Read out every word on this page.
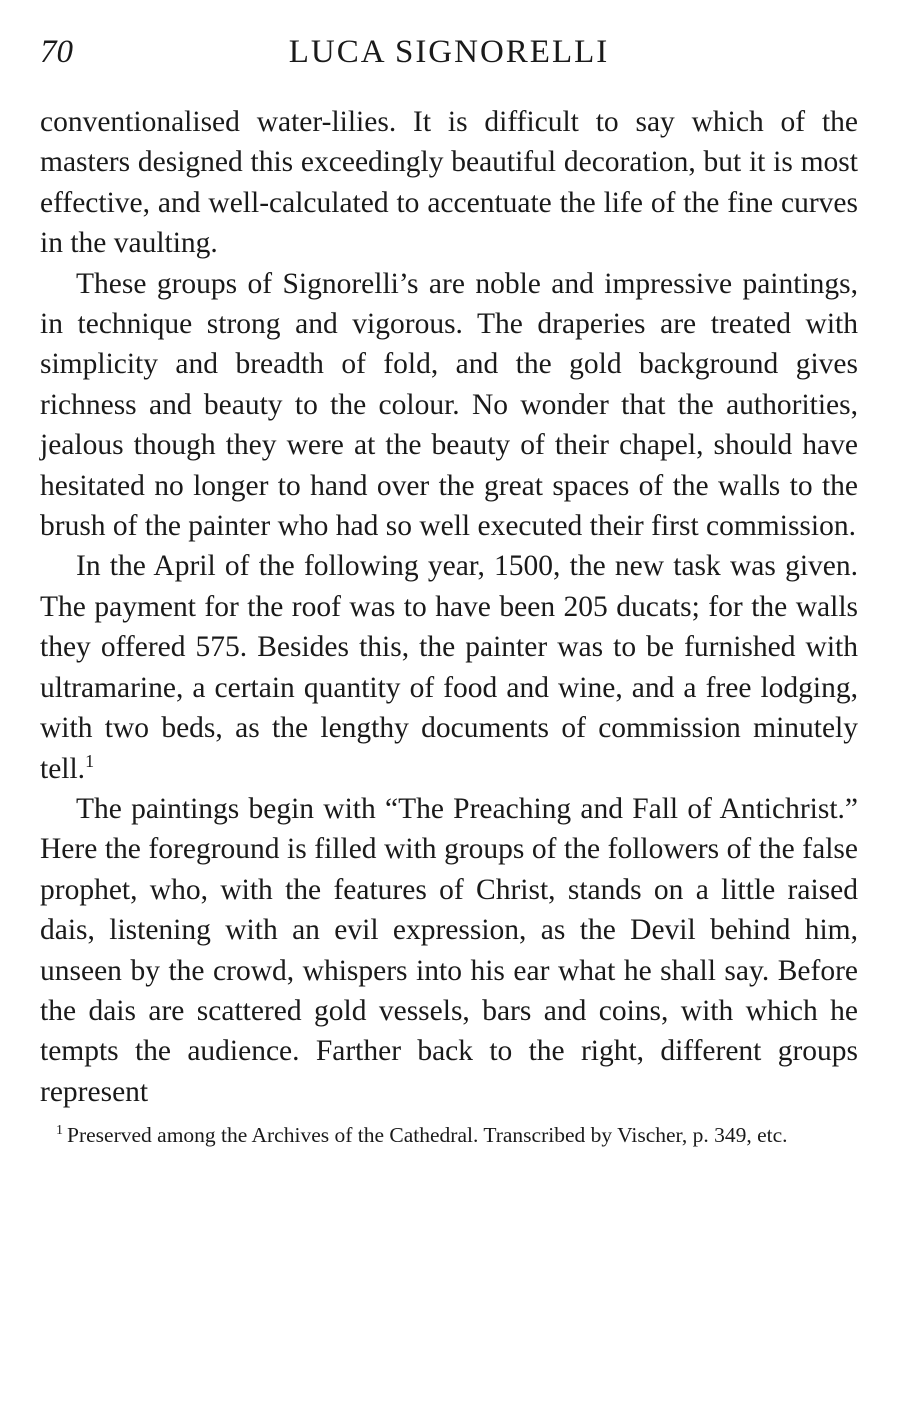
70	LUCA SIGNORELLI

conventionalised water-lilies. It is difficult to say which of the masters designed this exceedingly beautiful decoration, but it is most effective, and well-calculated to accentuate the life of the fine curves in the vaulting.

These groups of Signorelli’s are noble and impressive paintings, in technique strong and vigorous. The draperies are treated with simplicity and breadth of fold, and the gold background gives richness and beauty to the colour. No wonder that the authorities, jealous though they were at the beauty of their chapel, should have hesitated no longer to hand over the great spaces of the walls to the brush of the painter who had so well executed their first commission.

In the April of the following year, 1500, the new task was given. The payment for the roof was to have been 205 ducats; for the walls they offered 575. Besides this, the painter was to be furnished with ultramarine, a certain quantity of food and wine, and a free lodging, with two beds, as the lengthy documents of commission minutely tell.$^1$

The paintings begin with “The Preaching and Fall of Antichrist.” Here the foreground is filled with groups of the followers of the false prophet, who, with the features of Christ, stands on a little raised dais, listening with an evil expression, as the Devil behind him, unseen by the crowd, whispers into his ear what he shall say. Before the dais are scattered gold vessels, bars and coins, with which he tempts the audience. Farther back to the right, different groups represent

$^1$ Preserved among the Archives of the Cathedral. Transcribed by Vischer, p. 349, etc.
